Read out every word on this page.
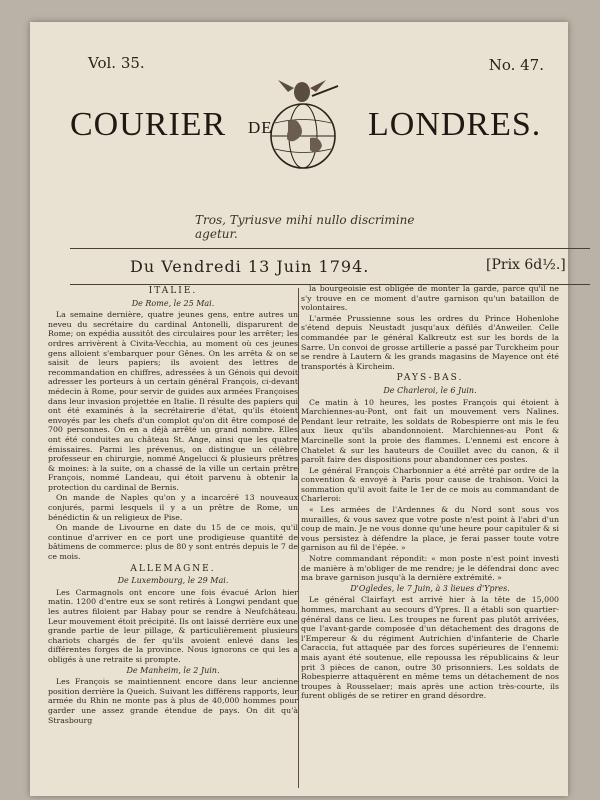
Vol. 35.	No. 47.
COURIER	LONDRES.
DE
Tros, Tyriusve mihi nullo discrimine agetur.
Du Vendredi 13 Juin 1794.	[Prix 6d½.]
ITALIE.
De Rome, le 25 Mai.

La semaine dernière, quatre jeunes gens, entre autres un neveu du secrétaire du cardinal Antonelli, disparurent de Rome; on expédia aussitôt des circulaires pour les arrêter; les ordres arrivèrent à Civita-Vecchia, au moment où ces jeunes gens alloient s'embarquer pour Gênes. On les arrêta & on se saisit de leurs papiers; ils avoient des lettres de recommandation en chiffres, adressées à un Génois qui devoit adresser les porteurs à un certain général François, ci-devant médecin à Rome, pour servir de guides aux armées Françoises dans leur invasion projettée en Italie. Il résulte des papiers qui ont été examinés à la secrétairerie d'état, qu'ils étoient envoyés par les chefs d'un complot qu'on dit être composé de 700 personnes. On en a déjà arrêté un grand nombre. Elles ont été conduites au château St. Ange, ainsi que les quatre émissaires. Parmi les prévenus, on distingue un célèbre professeur en chirurgie, nommé Angelucci & plusieurs prêtres & moines: à la suite, on a chassé de la ville un certain prêtre François, nommé Landeau, qui étoit parvenu à obtenir la protection du cardinal de Bernis.

On mande de Naples qu'on y a incarcéré 13 nouveaux conjurés, parmi lesquels il y a un prêtre de Rome, un bénédictin & un religieux de Pise.

On mande de Livourne en date du 15 de ce mois, qu'il continue d'arriver en ce port une prodigieuse quantité de bâtimens de commerce: plus de 80 y sont entrés depuis le 7 de ce mois.

ALLEMAGNE.
De Luxembourg, le 29 Mai.

Les Carmagnols ont encore une fois évacué Arlon hier matin. 1200 d'entre eux se sont retirés à Longwi pendant que les autres filoient par Habay pour se rendre à Neufchâteau. Leur mouvement étoit précipité. Ils ont laissé derrière eux une grande partie de leur pillage, & particulièrement plusieurs chariots chargés de fer qu'ils avoient enlevé dans les différentes forges de la province. Nous ignorons ce qui les a obligés à une retraite si prompte.

De Manheim, le 2 Juin.

Les François se maintiennent encore dans leur ancienne position derrière la Queich. Suivant les différens rapports, leur armée du Rhin ne monte pas à plus de 40,000 hommes pour garder une assez grande étendue de pays. On dit qu'à Strasbourg

la bourgeoisie est obligée de monter la garde, parce qu'il ne s'y trouve en ce moment d'autre garnison qu'un bataillon de volontaires.

L'armée Prussienne sous les ordres du Prince Hohenlohe s'étend depuis Neustadt jusqu'aux défilés d'Anweiler. Celle commandée par le général Kalkreutz est sur les bords de la Sarre. Un convoi de grosse artillerie a passé par Turckheim pour se rendre à Lautern & les grands magasins de Mayence ont été transportés à Kircheim.

PAYS-BAS.
De Charleroi, le 6 Juin.

Ce matin à 10 heures, les postes François qui étoient à Marchiennes-au-Pont, ont fait un mouvement vers Nalines. Pendant leur retraite, les soldats de Robespierre ont mis le feu aux lieux qu'ils abandonnoient. Marchiennes-au Pont & Marcinelle sont la proie des flammes. L'ennemi est encore à Chatelet & sur les hauteurs de Couillet avec du canon, & il paroît faire des dispositions pour abandonner ces postes.

Le général François Charbonnier a été arrêté par ordre de la convention & envoyé à Paris pour cause de trahison. Voici la sommation qu'il avoit faite le 1er de ce mois au commandant de Charleroi:

« Les armées de l'Ardennes & du Nord sont sous vos murailles, & vous savez que votre poste n'est point à l'abri d'un coup de main. Je ne vous donne qu'une heure pour capituler & si vous persistez à défendre la place, je ferai passer toute votre garnison au fil de l'épée. »

Notre commandant répondit: « mon poste n'est point investi de manière à m'obliger de me rendre; je le défendrai donc avec ma brave garnison jusqu'à la dernière extrémité. »

D'Ogledes, le 7 Juin, à 3 lieues d'Ypres.

Le général Clairfayt est arrivé hier à la tête de 15,000 hommes, marchant au secours d'Ypres. Il a établi son quartier-général dans ce lieu. Les troupes ne furent pas plutôt arrivées, que l'avant-garde composée d'un détachement des dragons de l'Empereur & du régiment Autrichien d'infanterie de Charle Caraccia, fut attaquée par des forces supérieures de l'ennemi: mais ayant été soutenue, elle repoussa les républicains & leur prit 3 pièces de canon, outre 30 prisonniers. Les soldats de Robespierre attaquèrent en même tems un détachement de nos troupes à Rousselaer; mais après une action très-courte, ils furent obligés de se retirer en grand désordre.
